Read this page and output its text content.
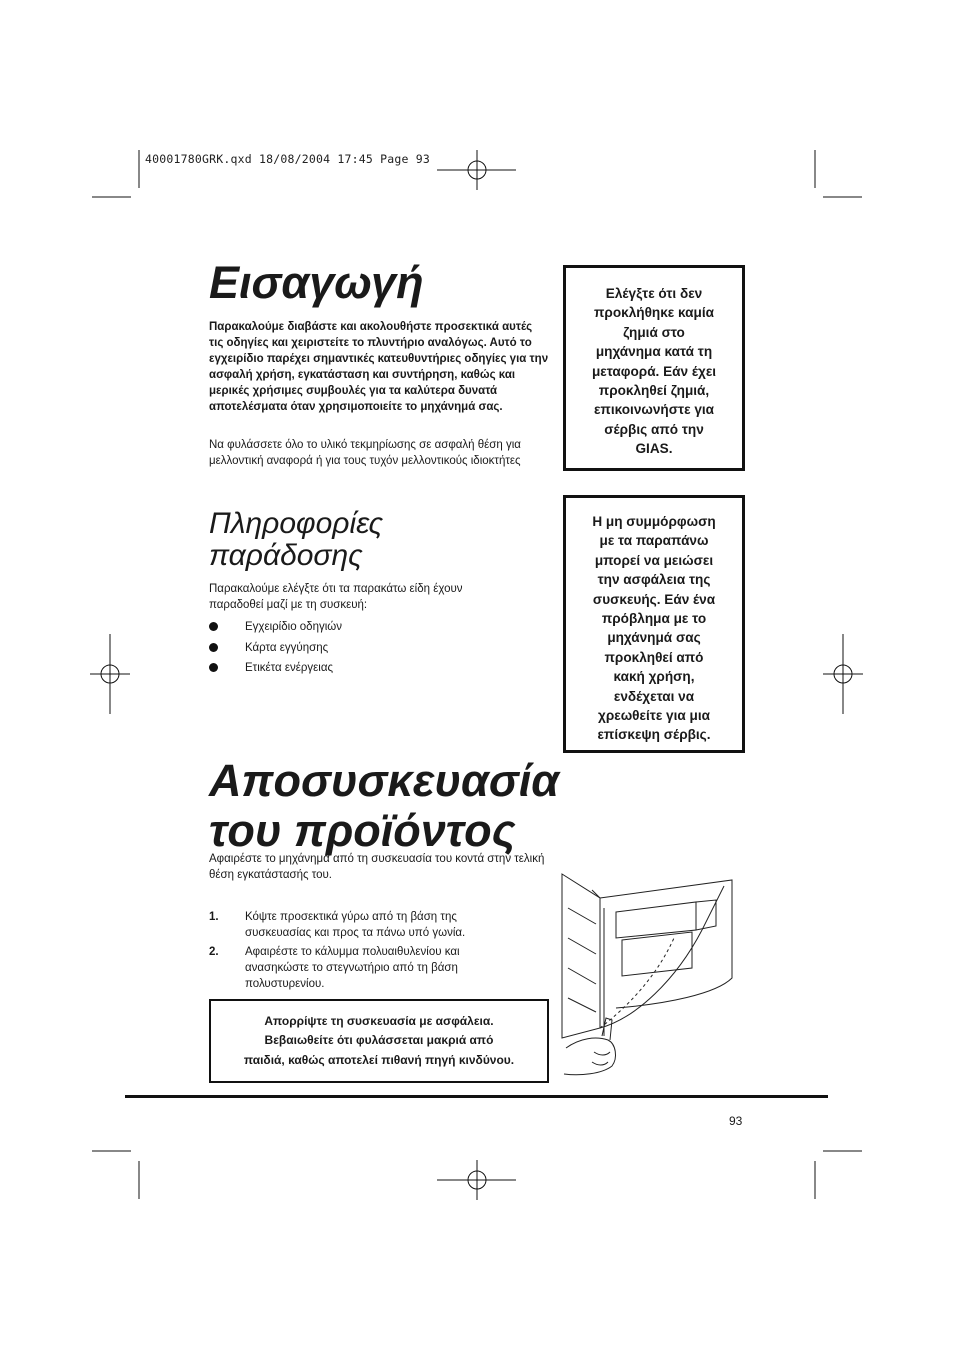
40001780GRK.qxd 18/08/2004 17:45 Page 93
Εισαγωγή
Παρακαλούμε διαβάστε και ακολουθήστε προσεκτικά αυτές τις οδηγίες και χειριστείτε το πλυντήριο αναλόγως. Αυτό το εγχειρίδιο παρέχει σημαντικές κατευθυντήριες οδηγίες για την ασφαλή χρήση, εγκατάσταση και συντήρηση, καθώς και μερικές χρήσιμες συμβουλές για τα καλύτερα δυνατά αποτελέσματα όταν χρησιμοποιείτε το μηχάνημά σας.
Να φυλάσσετε όλο το υλικό τεκμηρίωσης σε ασφαλή θέση για μελλοντική αναφορά ή για τους τυχόν μελλοντικούς ιδιοκτήτες
Πληροφορίες
παράδοσης
Παρακαλούμε ελέγξτε ότι τα παρακάτω είδη έχουν παραδοθεί μαζί με τη συσκευή:
Εγχειρίδιο οδηγιών
Κάρτα εγγύησης
Ετικέτα ενέργειας
Ελέγξτε ότι δεν
προκλήθηκε καμία
ζημιά στο
μηχάνημα κατά τη
μεταφορά. Εάν έχει
προκληθεί ζημιά,
επικοινωνήστε για
σέρβις από την
GIAS.
Η μη συμμόρφωση
με τα παραπάνω
μπορεί να μειώσει
την ασφάλεια της
συσκευής. Εάν ένα
πρόβλημα με το
μηχάνημά σας
προκληθεί από
κακή χρήση,
ενδέχεται να
χρεωθείτε για μια
επίσκεψη σέρβις.
Αποσυσκευασία
του προϊόντος
Αφαιρέστε το μηχάνημα από τη συσκευασία του κοντά στην τελική θέση εγκατάστασής του.
1. Κόψτε προσεκτικά γύρω από τη βάση της συσκευασίας και προς τα πάνω υπό γωνία.
2. Αφαιρέστε το κάλυμμα πολυαιθυλενίου και ανασηκώστε το στεγνωτήριο από τη βάση πολυστυρενίου.
Απορρίψτε τη συσκευασία με ασφάλεια.
Βεβαιωθείτε ότι φυλάσσεται μακριά από
παιδιά, καθώς αποτελεί πιθανή πηγή κινδύνου.
93
